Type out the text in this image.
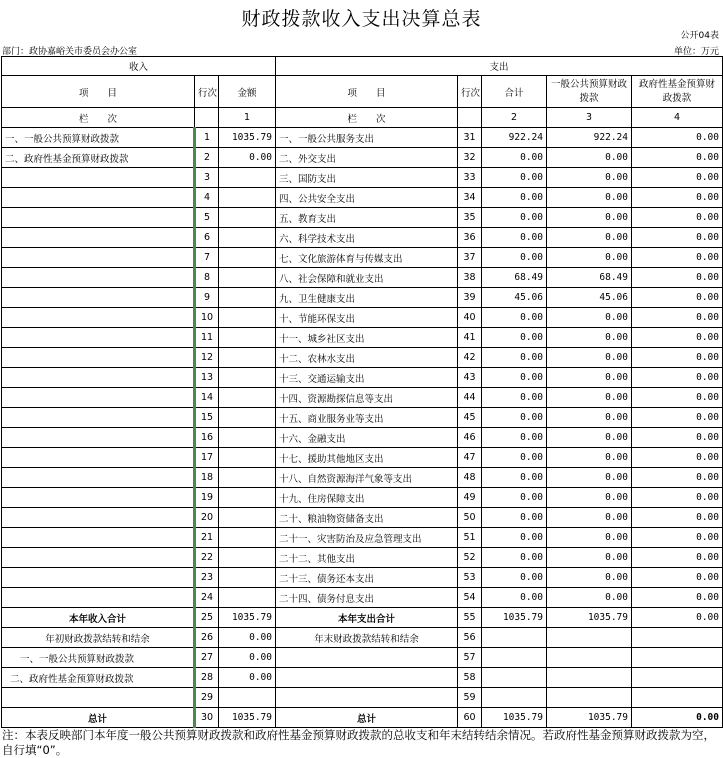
财政拨款收入支出决算总表
公开04表
部门：政协嘉峪关市委员会办公室	单位：万元
收入			支出				
项　　目	行次	金额	项　　目	行次	合计	一般公共预算财政拨款	政府性基金预算财政拨款
栏　　次		1	栏　　次		2	3	4
一、一般公共预算财政拨款	1	1035.79	一、一般公共服务支出	31	922.24	922.24	0.00
二、政府性基金预算财政拨款	2	0.00	二、外交支出	32	0.00	0.00	0.00
	3		三、国防支出	33	0.00	0.00	0.00
	4		四、公共安全支出	34	0.00	0.00	0.00
	5		五、教育支出	35	0.00	0.00	0.00
	6		六、科学技术支出	36	0.00	0.00	0.00
	7		七、文化旅游体育与传媒支出	37	0.00	0.00	0.00
	8		八、社会保障和就业支出	38	68.49	68.49	0.00
	9		九、卫生健康支出	39	45.06	45.06	0.00
	10		十、节能环保支出	40	0.00	0.00	0.00
	11		十一、城乡社区支出	41	0.00	0.00	0.00
	12		十二、农林水支出	42	0.00	0.00	0.00
	13		十三、交通运输支出	43	0.00	0.00	0.00
	14		十四、资源勘探信息等支出	44	0.00	0.00	0.00
	15		十五、商业服务业等支出	45	0.00	0.00	0.00
	16		十六、金融支出	46	0.00	0.00	0.00
	17		十七、援助其他地区支出	47	0.00	0.00	0.00
	18		十八、自然资源海洋气象等支出	48	0.00	0.00	0.00
	19		十九、住房保障支出	49	0.00	0.00	0.00
	20		二十、粮油物资储备支出	50	0.00	0.00	0.00
	21		二十一、灾害防治及应急管理支出	51	0.00	0.00	0.00
	22		二十二、其他支出	52	0.00	0.00	0.00
	23		二十三、债务还本支出	53	0.00	0.00	0.00
	24		二十四、债务付息支出	54	0.00	0.00	0.00
本年收入合计	25	1035.79	本年支出合计	55	1035.79	1035.79	0.00
年初财政拨款结转和结余	26	0.00	年末财政拨款结转和结余	56			
一、一般公共预算财政拨款	27	0.00		57			
二、政府性基金预算财政拨款	28	0.00		58			
	29			59			
总计	30	1035.79	总计	60	1035.79	1035.79	0.00
注：本表反映部门本年度一般公共预算财政拨款和政府性基金预算财政拨款的总收支和年末结转结余情况。若政府性基金预算财政拨款为空，自行填“0”。
